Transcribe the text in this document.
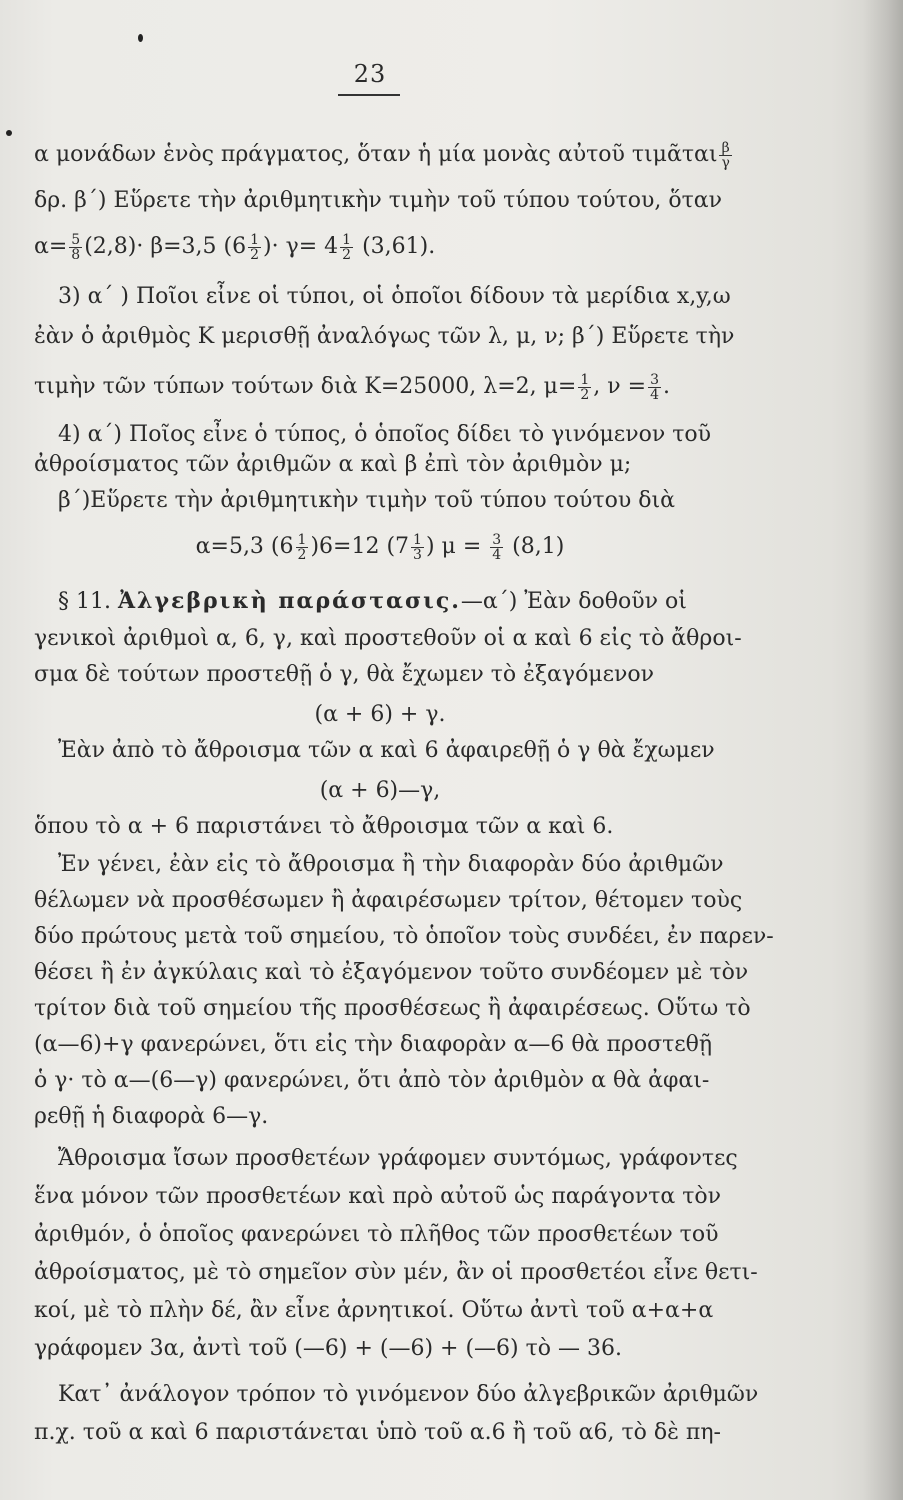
23
α μονάδων ἑνὸς πράγματος, ὅταν ἡ μία μονὰς αὐτοῦ τιμᾶται $\frac{\beta}{\gamma}$
δρ. β΄) Εὕρετε τὴν ἀριθμητικὴν τιμὴν τοῦ τύπου τούτου, ὅταν
$\alpha= \frac{5}{8} (2,8)\cdot \beta=3,5$ ($6 \frac{1}{2}$ )· $\gamma= 4 \frac{1}{2} (3,61)$.
3) α΄ ) Ποῖοι εἶνε οἱ τύποι, οἱ ὁποῖοι δίδουν τὰ μερίδια x,y,ω
ἐὰν ὁ ἀριθμὸς Κ μερισθῇ ἀναλόγως τῶν λ, μ, ν; β΄) Εὕρετε τὴν
τιμὴν τῶν τύπων τούτων διὰ Κ=25000, λ=2, $\mu= \frac{1}{2}$ , $\nu = \frac{3}{4}$ .
4) α΄) Ποῖος εἶνε ὁ τύπος, ὁ ὁποῖος δίδει τὸ γινόμενον τοῦ
ἀθροίσματος τῶν ἀριθμῶν α καὶ β ἐπὶ τὸν ἀριθμὸν μ;
β΄)Εὕρετε τὴν ἀριθμητικὴν τιμὴν τοῦ τύπου τούτου διὰ
α=5,3 $(6 \frac{1}{2} )6=12$ ($7 \frac{1}{3}$ ) $\mu = \frac{3}{4} (8,1)$
§ 11. Ἀλγεβρικὴ παράστασις.—α΄) Ἐὰν δοθοῦν οἱ
γενικοὶ ἀριθμοὶ α, 6, γ, καὶ προστεθοῦν οἱ α καὶ 6 εἰς τὸ ἄθροι-
σμα δὲ τούτων προστεθῇ ὁ γ, θὰ ἔχωμεν τὸ ἐξαγόμενον
(α + 6) + γ.
Ἐὰν ἀπὸ τὸ ἄθροισμα τῶν α καὶ 6 ἀφαιρεθῇ ὁ γ θὰ ἔχωμεν
(α + 6)—γ,
ὅπου τὸ α + 6 παριστάνει τὸ ἄθροισμα τῶν α καὶ 6.
Ἐν γένει, ἐὰν εἰς τὸ ἄθροισμα ἢ τὴν διαφορὰν δύο ἀριθμῶν
θέλωμεν νὰ προσθέσωμεν ἢ ἀφαιρέσωμεν τρίτον, θέτομεν τοὺς
δύο πρώτους μετὰ τοῦ σημείου, τὸ ὁποῖον τοὺς συνδέει, ἐν παρεν-
θέσει ἢ ἐν ἀγκύλαις καὶ τὸ ἐξαγόμενον τοῦτο συνδέομεν μὲ τὸν
τρίτον διὰ τοῦ σημείου τῆς προσθέσεως ἢ ἀφαιρέσεως. Οὕτω τὸ
(α—6)+γ φανερώνει, ὅτι εἰς τὴν διαφορὰν α—6 θὰ προστεθῇ
ὁ γ· τὸ α—(6—γ) φανερώνει, ὅτι ἀπὸ τὸν ἀριθμὸν α θὰ ἀφαι-
ρεθῇ ἡ διαφορὰ 6—γ.
Ἄθροισμα ἴσων προσθετέων γράφομεν συντόμως, γράφοντες
ἕνα μόνον τῶν προσθετέων καὶ πρὸ αὐτοῦ ὡς παράγοντα τὸν
ἀριθμόν, ὁ ὁποῖος φανερώνει τὸ πλῆθος τῶν προσθετέων τοῦ
ἀθροίσματος, μὲ τὸ σημεῖον σὺν μέν, ἂν οἱ προσθετέοι εἶνε θετι-
κοί, μὲ τὸ πλὴν δέ, ἂν εἶνε ἀρνητικοί. Οὕτω ἀντὶ τοῦ α+α+α
γράφομεν 3α, ἀντὶ τοῦ (—6) + (—6) + (—6) τὸ — 36.
Κατ᾽ ἀνάλογον τρόπον τὸ γινόμενον δύο ἀλγεβρικῶν ἀριθμῶν
π.χ. τοῦ α καὶ 6 παριστάνεται ὑπὸ τοῦ α.6 ἢ τοῦ α6, τὸ δὲ πη-
